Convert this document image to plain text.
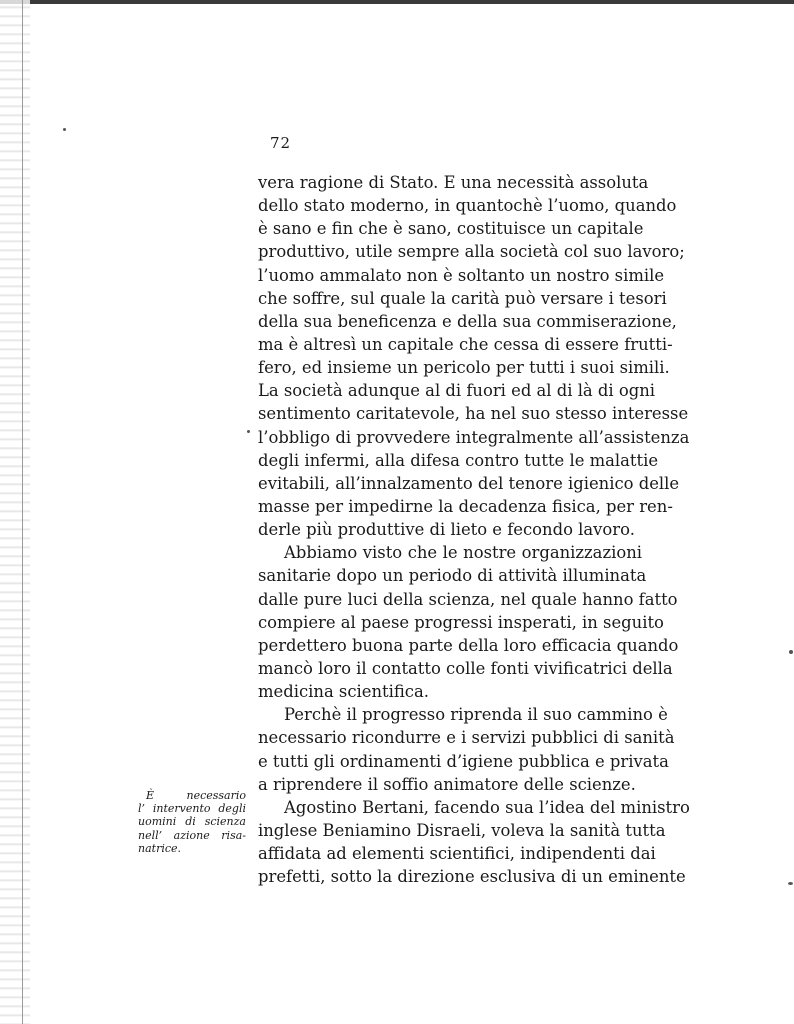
72
vera ragione di Stato. E una necessità assoluta
dello stato moderno, in quantochè l’uomo, quando
è sano e fin che è sano, costituisce un capitale
produttivo, utile sempre alla società col suo lavoro;
l’uomo ammalato non è soltanto un nostro simile
che soffre, sul quale la carità può versare i tesori
della sua beneficenza e della sua commiserazione,
ma è altresì un capitale che cessa di essere frutti-
fero, ed insieme un pericolo per tutti i suoi simili.
La società adunque al di fuori ed al di là di ogni
sentimento caritatevole, ha nel suo stesso interesse
l’obbligo di provvedere integralmente all’assistenza
degli infermi, alla difesa contro tutte le malattie
evitabili, all’innalzamento del tenore igienico delle
masse per impedirne la decadenza fisica, per ren-
derle più produttive di lieto e fecondo lavoro.
Abbiamo visto che le nostre organizzazioni
sanitarie dopo un periodo di attività illuminata
dalle pure luci della scienza, nel quale hanno fatto
compiere al paese progressi insperati, in seguito
perdettero buona parte della loro efficacia quando
mancò loro il contatto colle fonti vivificatrici della
medicina scientifica.
Perchè il progresso riprenda il suo cammino è
necessario ricondurre e i servizi pubblici di sanità
e tutti gli ordinamenti d’igiene pubblica e privata
a riprendere il soffio animatore delle scienze.
Agostino Bertani, facendo sua l’idea del ministro
inglese Beniamino Disraeli, voleva la sanità tutta
affidata ad elementi scientifici, indipendenti dai
prefetti, sotto la direzione esclusiva di un eminente
È necessario
l’ intervento degli
uomini di scienza
nell’ azione risa-
natrice.
